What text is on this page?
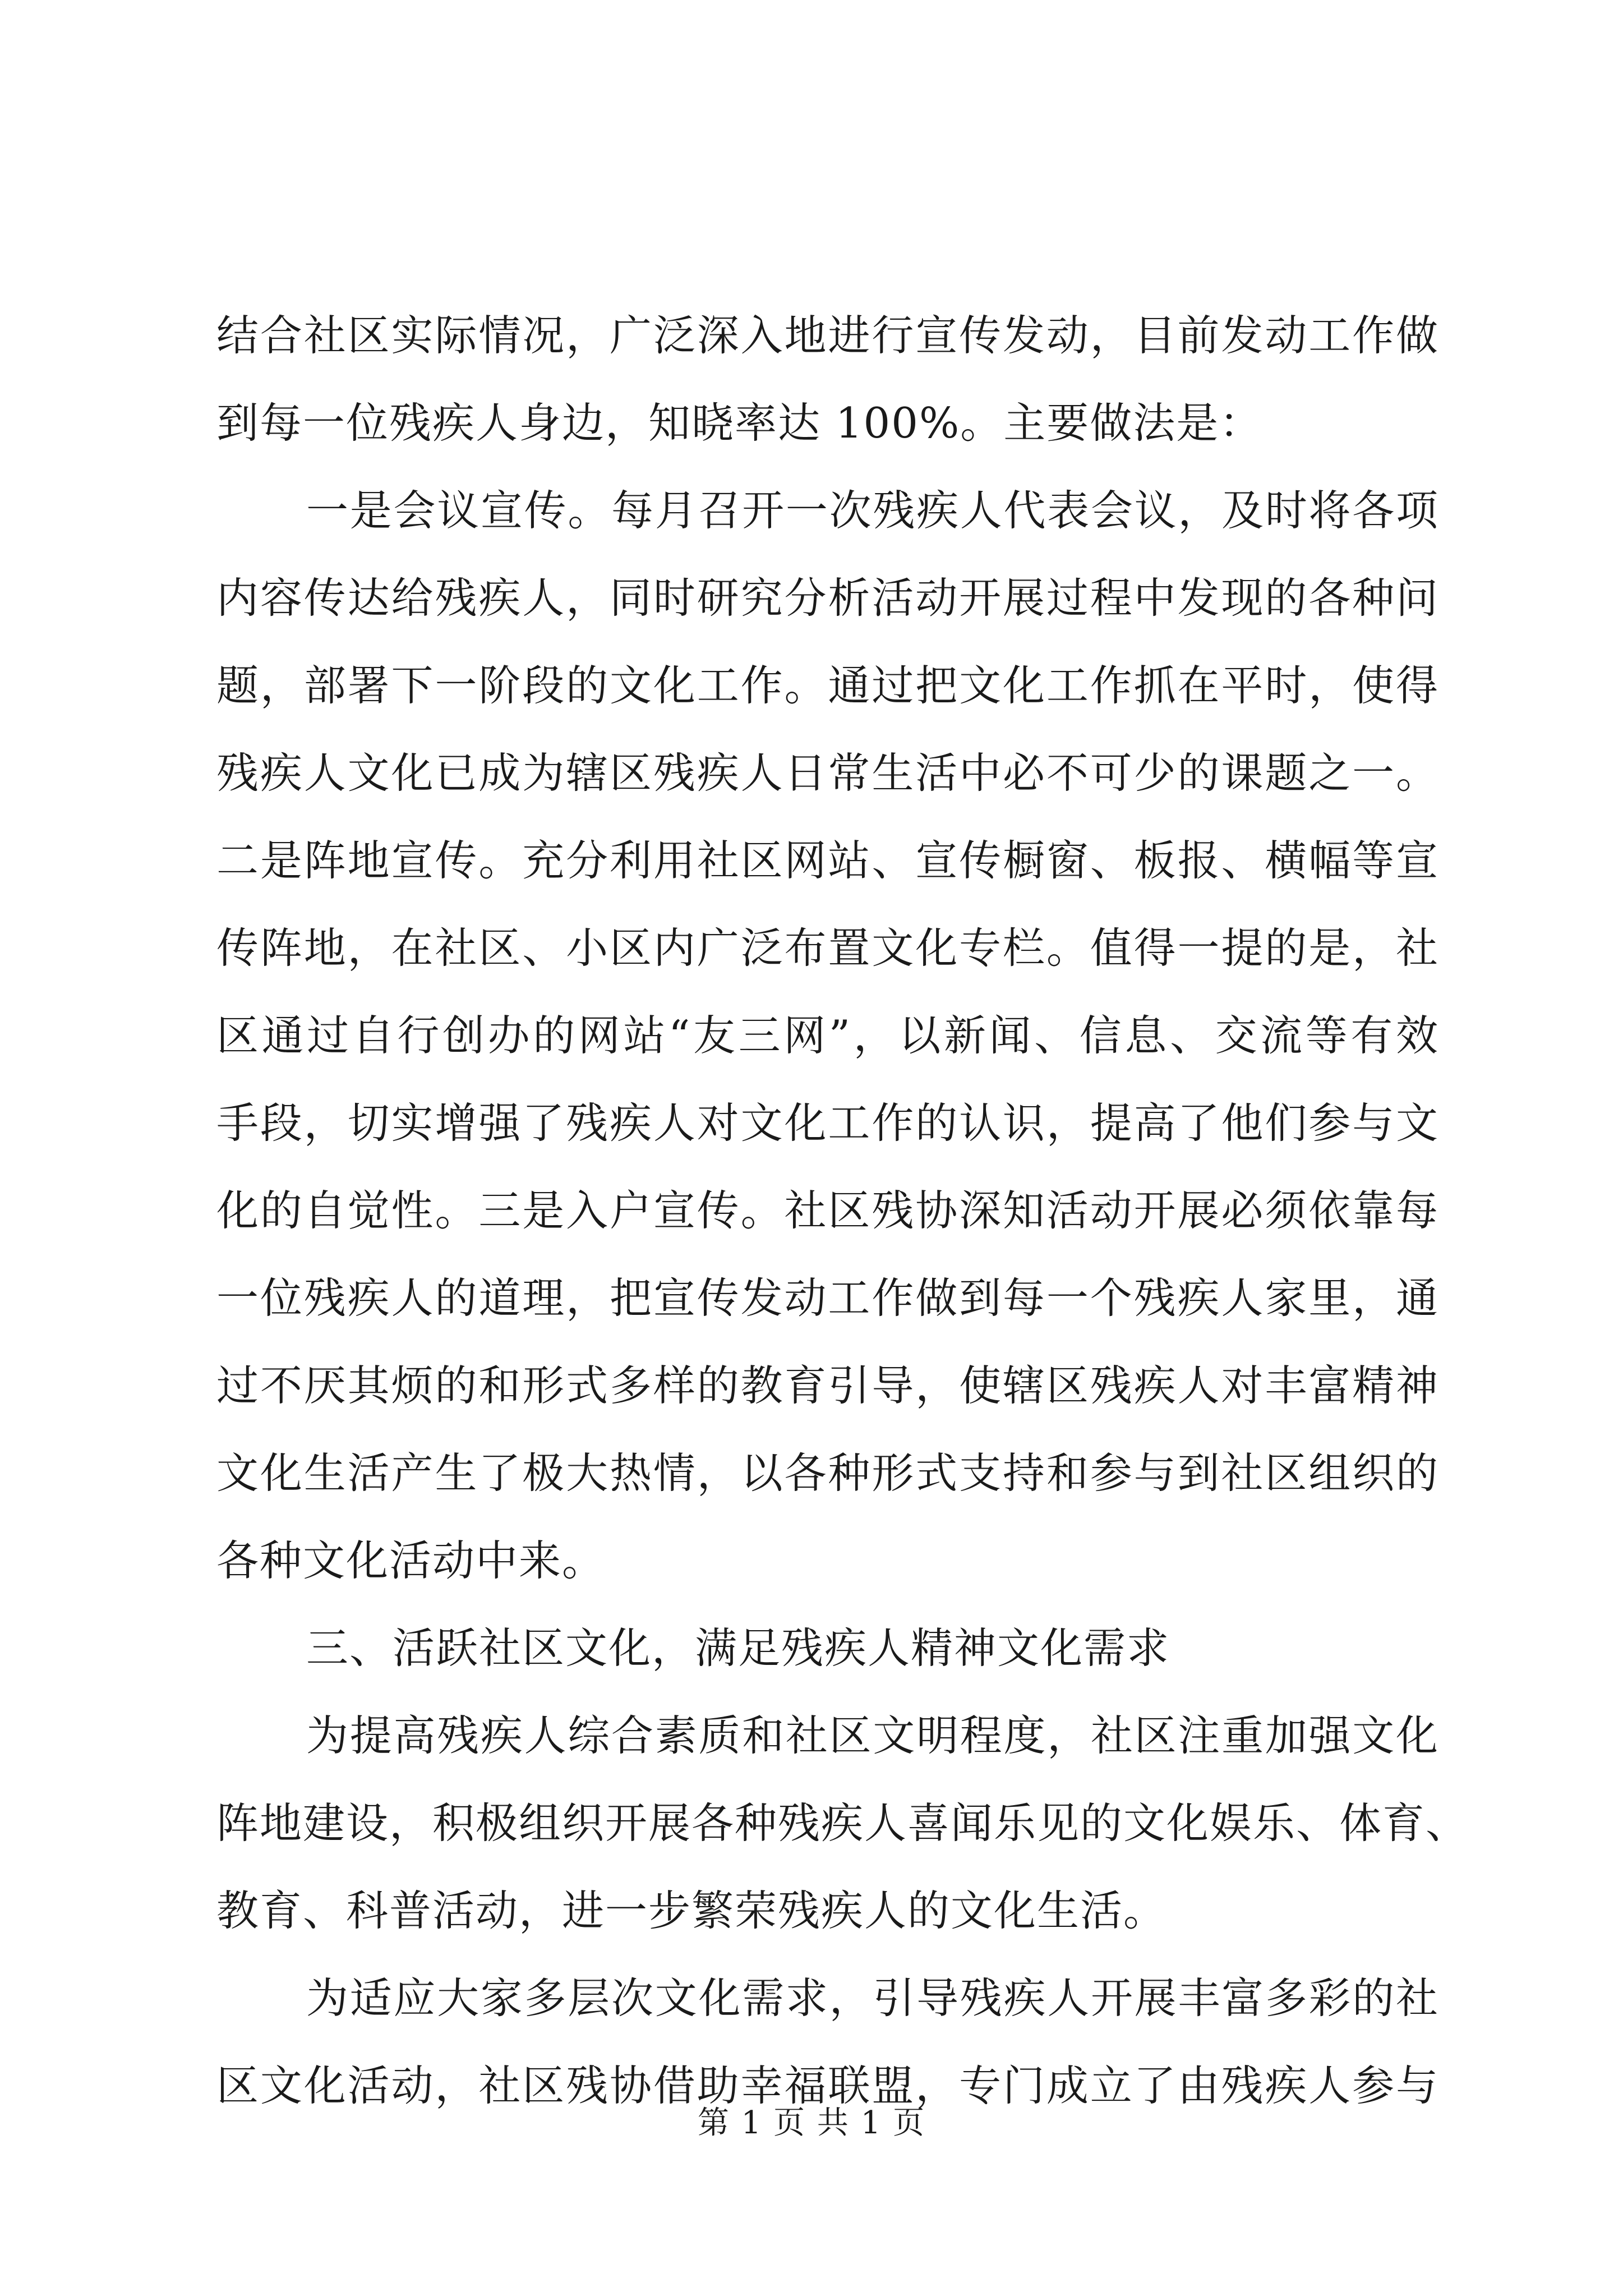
结合社区实际情况，广泛深入地进行宣传发动，目前发动工作做
到每一位残疾人身边，知晓率达 100%。主要做法是：
一是会议宣传。每月召开一次残疾人代表会议，及时将各项
内容传达给残疾人，同时研究分析活动开展过程中发现的各种问
题，部署下一阶段的文化工作。通过把文化工作抓在平时，使得
残疾人文化已成为辖区残疾人日常生活中必不可少的课题之一。
二是阵地宣传。充分利用社区网站、宣传橱窗、板报、横幅等宣
传阵地，在社区、小区内广泛布置文化专栏。值得一提的是，社
区通过自行创办的网站“友三网”，以新闻、信息、交流等有效
手段，切实增强了残疾人对文化工作的认识，提高了他们参与文
化的自觉性。三是入户宣传。社区残协深知活动开展必须依靠每
一位残疾人的道理，把宣传发动工作做到每一个残疾人家里，通
过不厌其烦的和形式多样的教育引导，使辖区残疾人对丰富精神
文化生活产生了极大热情，以各种形式支持和参与到社区组织的
各种文化活动中来。
三、活跃社区文化，满足残疾人精神文化需求
为提高残疾人综合素质和社区文明程度，社区注重加强文化
阵地建设，积极组织开展各种残疾人喜闻乐见的文化娱乐、体育、
教育、科普活动，进一步繁荣残疾人的文化生活。
为适应大家多层次文化需求，引导残疾人开展丰富多彩的社
区文化活动，社区残协借助幸福联盟，专门成立了由残疾人参与
第 1 页 共 1 页
